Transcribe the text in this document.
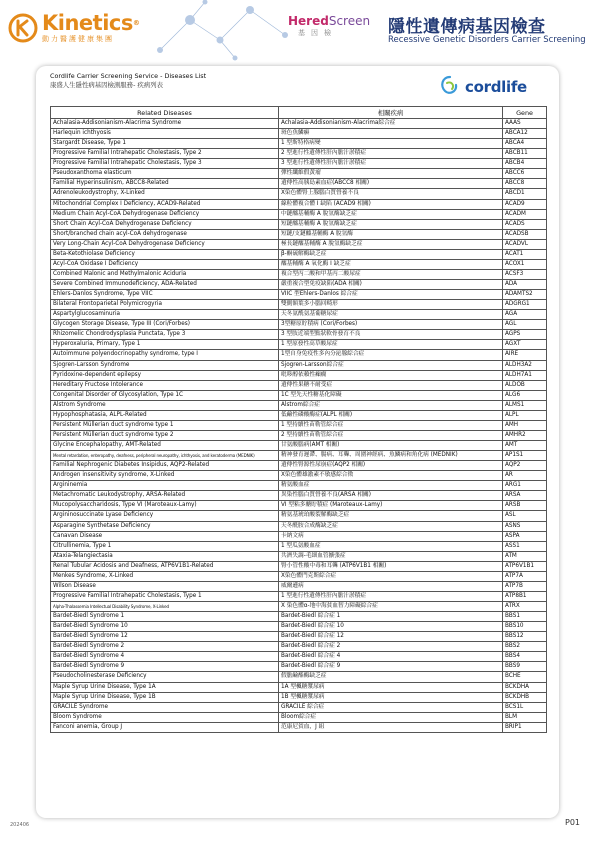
Kinetics®
動力醫護健康集團
HeredScreen
基因檢	隱性遺傳病基因檢查
Recessive Genetic Disorders Carrier Screening
Cordlife Carrier Screening Service - Diseases List
康盛人生隱性病基因檢測服務- 疾病列表	cordlife
Related Diseases	相關疾病	Gene
Achalasia-Addisonianism-Alacrima Syndrome	Achalasia-Addisonianism-Alacrima綜合症	AAAS
Harlequin ichthyosis	斑色魚鱗癬	ABCA12
Stargardt Disease, Type 1	1 型斯特格病變	ABCA4
Progressive Familial Intrahepatic Cholestasis, Type 2	2 型進行性遺傳性肝內膽汁淤積症	ABCB11
Progressive Familial Intrahepatic Cholestasis, Type 3	3 型進行性遺傳性肝內膽汁淤積症	ABCB4
Pseudoxanthoma elasticum	彈性纖維假黃瘤	ABCC6
Familial Hyperinsulinism, ABCC8-Related	遺傳性高胰島素血症(ABCC8 相關)	ABCC8
Adrenoleukodystrophy, X-Linked	X染色體腎上腺腦白質營養不良	ABCD1
Mitochondrial Complex I Deficiency, ACAD9-Related	線粒體複合體 I 缺陷 (ACAD9 相關)	ACAD9
Medium Chain Acyl-CoA Dehydrogenase Deficiency	中鏈醯基輔酶 A 脫氫酶缺乏症	ACADM
Short Chain Acyl-CoA Dehydrogenase Deficiency	短鏈醯基輔酶 A 脫氫酶缺乏症	ACADS
Short/branched chain acyl-CoA dehydrogenase	短鏈/支鏈醯基輔酶 A 脫氫酶	ACADSB
Very Long-Chain Acyl-CoA Dehydrogenase Deficiency	極長鏈醯基輔酶 A 脫氫酶缺乏症	ACADVL
Beta-Ketothiolase Deficiency	β-酮硫解酶缺乏症	ACAT1
Acyl-CoA Oxidase I Deficiency	醯基輔酶 A 氧化酶 I 缺乏症	ACOX1
Combined Malonic and Methylmalonic Aciduria	複合型丙二酸和甲基丙二酸尿症	ACSF3
Severe Combined Immunodeficiency, ADA-Related	嚴重複合型免疫缺陷(ADA 相關)	ADA
Ehlers-Danlos Syndrome, Type VIIC	VIIC 型Ehlers-Danlos 綜合症	ADAMTS2
Bilateral Frontoparietal Polymicrogyria	雙側額葉多小腦回畸形	ADGRG1
Aspartylglucosaminuria	天冬氨酰氨基葡糖尿症	AGA
Glycogen Storage Disease, Type III (Cori/Forbes)	3型糖原貯積病 (Cori/Forbes)	AGL
Rhizomelic Chondrodysplasia Punctata, Type 3	3 型肢近端型點狀軟骨發育不良	AGPS
Hyperoxaluria, Primary, Type 1	1 型原發性高草酸尿症	AGXT
Autoimmune polyendocrinopathy syndrome, type I	1型自身免疫性多內分泌腺綜合症	AIRE
Sjogren-Larsson Syndrome	Sjogren-Larsson綜合症	ALDH3A2
Pyridoxine-dependent epilepsy	吡哆醇依賴性癲癇	ALDH7A1
Hereditary Fructose Intolerance	遺傳性果糖不耐受症	ALDOB
Congenital Disorder of Glycosylation, Type 1C	1C 型先天性糖基化障礙	ALG6
Alstrom Syndrome	Alstrom綜合症	ALMS1
Hypophosphatasia, ALPL-Related	低鹼性磷酸酶症(ALPL 相關)	ALPL
Persistent Müllerian duct syndrome type 1	1 型持續性苗勒管綜合症	AMH
Persistent Müllerian duct syndrome type 2	2 型持續性苗勒管綜合症	AMHR2
Glycine Encephalopathy, AMT-Related	甘氨酸腦病(AMT 相關)	AMT
Mental retardation, enteropathy, deafness, peripheral neuropathy, ichthyosis, and keratoderma (MEDNIK)	精神發育遲滯、腸病、耳聾、周圍神經病、魚鱗病和角化病 (MEDNIK)	AP1S1
Familial Nephrogenic Diabetes Insipidus, AQP2-Related	遺傳性腎源性尿崩症(AQP2 相關)	AQP2
Androgen insensitivity syndrome, X-Linked	X染色體雄激素不敏感綜合徵	AR
Argininemia	精氨酸血症	ARG1
Metachromatic Leukodystrophy, ARSA-Related	異染性腦白質營養不良(ARSA 相關)	ARSA
Mucopolysaccharidosis, Type VI (Maroteaux-Lamy)	VI 型粘多醣貯積症 (Maroteaux-Lamy)	ARSB
Argininosuccinate Lyase Deficiency	精氨基琥珀酸裂解酶缺乏症	ASL
Asparagine Synthetase Deficiency	天冬酰胺合成酶缺乏症	ASNS
Canavan Disease	卡納文病	ASPA
Citrullinemia, Type 1	1 型瓜氨酸血症	ASS1
Ataxia-Telangiectasia	共濟失調-毛細血管擴張症	ATM
Renal Tubular Acidosis and Deafness, ATP6V1B1-Related	腎小管性酸中毒和耳聾 (ATP6V1B1 相關)	ATP6V1B1
Menkes Syndrome, X-Linked	X染色體門克斯綜合症	ATP7A
Wilson Disease	威爾遜病	ATP7B
Progressive Familial Intrahepatic Cholestasis, Type 1	1 型進行性遺傳性肝內膽汁淤積症	ATP8B1
Alpha-Thalassemia Intellectual Disability Syndrome, X-Linked	X 染色體α-地中海貧血智力障礙綜合症	ATRX
Bardet-Biedl Syndrome 1	Bardet-Biedl 綜合症 1	BBS1
Bardet-Biedl Syndrome 10	Bardet-Biedl 綜合症 10	BBS10
Bardet-Biedl Syndrome 12	Bardet-Biedl 綜合症 12	BBS12
Bardet-Biedl Syndrome 2	Bardet-Biedl 綜合症 2	BBS2
Bardet-Biedl Syndrome 4	Bardet-Biedl 綜合症 4	BBS4
Bardet-Biedl Syndrome 9	Bardet-Biedl 綜合症 9	BBS9
Pseudocholinesterase Deficiency	假膽鹼酯酶缺乏症	BCHE
Maple Syrup Urine Disease, Type 1A	1A 型楓糖漿尿病	BCKDHA
Maple Syrup Urine Disease, Type 1B	1B 型楓糖漿尿病	BCKDHB
GRACILE Syndrome	GRACILE 綜合症	BCS1L
Bloom Syndrome	Bloom綜合症	BLM
Fanconi anemia, Group J	范康尼貧血，J 組	BRIP1
202406	P01
